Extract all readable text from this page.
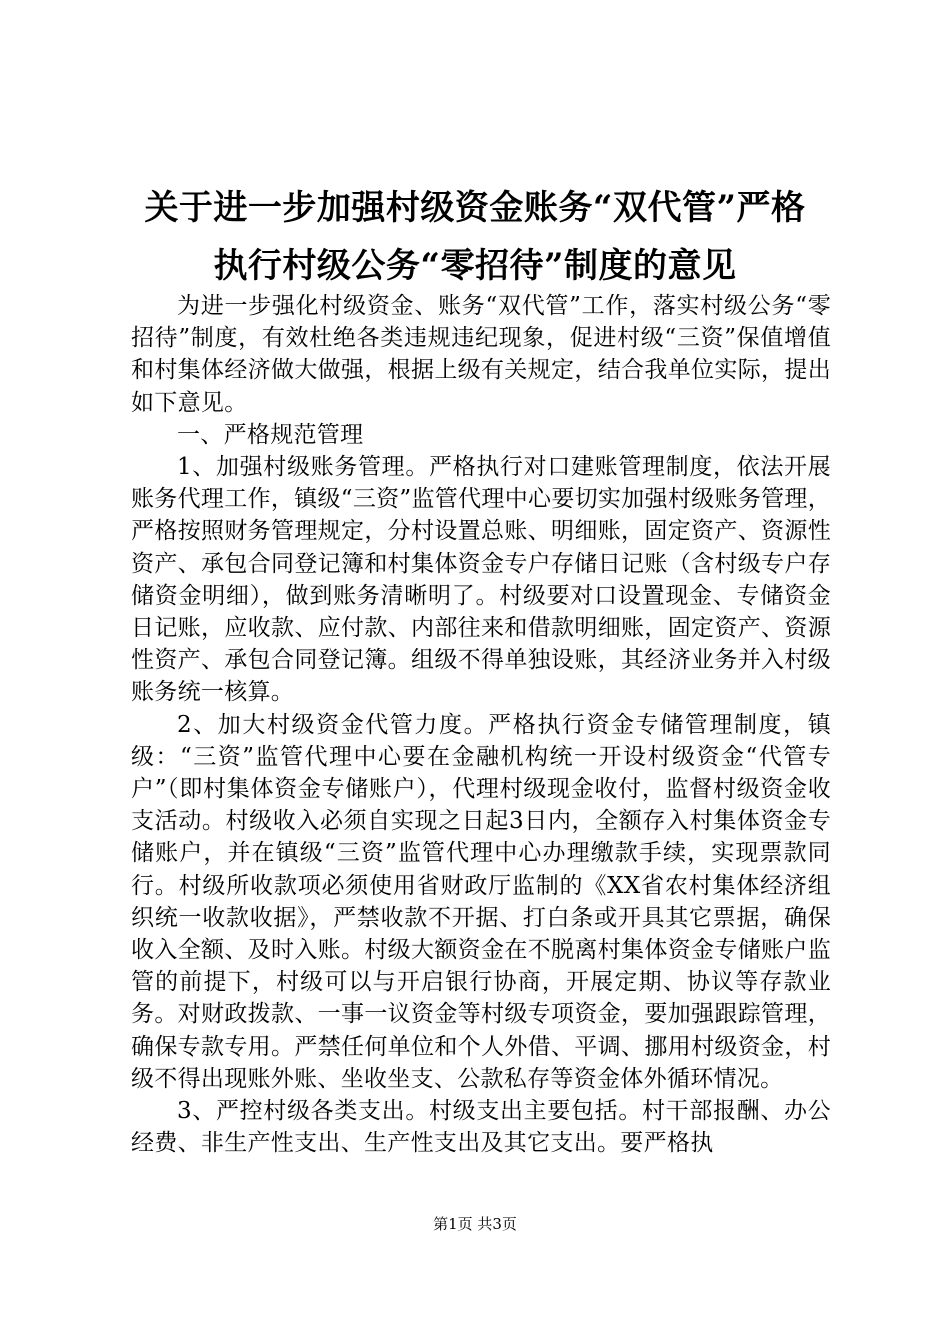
关于进一步加强村级资金账务“双代管”严格
执行村级公务“零招待”制度的意见

为进一步强化村级资金、账务“双代管”工作，落实村级公务“零招待”制度，有效杜绝各类违规违纪现象，促进村级“三资”保值增值和村集体经济做大做强，根据上级有关规定，结合我单位实际，提出如下意见。

一、严格规范管理

1、加强村级账务管理。严格执行对口建账管理制度，依法开展账务代理工作，镇级“三资”监管代理中心要切实加强村级账务管理，严格按照财务管理规定，分村设置总账、明细账，固定资产、资源性资产、承包合同登记簿和村集体资金专户存储日记账（含村级专户存储资金明细），做到账务清晰明了。村级要对口设置现金、专储资金日记账，应收款、应付款、内部往来和借款明细账，固定资产、资源性资产、承包合同登记簿。组级不得单独设账，其经济业务并入村级账务统一核算。

2、加大村级资金代管力度。严格执行资金专储管理制度，镇级：“三资”监管代理中心要在金融机构统一开设村级资金“代管专户”（即村集体资金专储账户），代理村级现金收付，监督村级资金收支活动。村级收入必须自实现之日起3日内，全额存入村集体资金专储账户，并在镇级“三资”监管代理中心办理缴款手续，实现票款同行。村级所收款项必须使用省财政厅监制的《XX省农村集体经济组织统一收款收据》，严禁收款不开据、打白条或开具其它票据，确保收入全额、及时入账。村级大额资金在不脱离村集体资金专储账户监管的前提下，村级可以与开启银行协商，开展定期、协议等存款业务。对财政拨款、一事一议资金等村级专项资金，要加强跟踪管理，确保专款专用。严禁任何单位和个人外借、平调、挪用村级资金，村级不得出现账外账、坐收坐支、公款私存等资金体外循环情况。

3、严控村级各类支出。村级支出主要包括。村干部报酬、办公经费、非生产性支出、生产性支出及其它支出。要严格执

第1页 共3页
